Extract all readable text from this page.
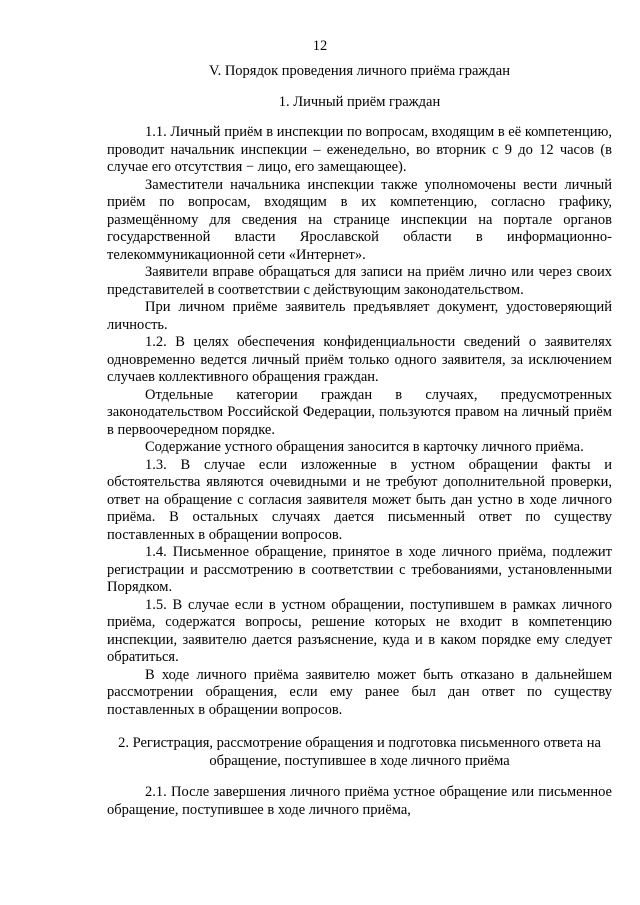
12
V. Порядок проведения личного приёма граждан
1. Личный приём граждан

1.1. Личный приём в инспекции по вопросам, входящим в её компетенцию, проводит начальник инспекции – еженедельно, во вторник с 9 до 12 часов (в случае его отсутствия − лицо, его замещающее).

Заместители начальника инспекции также уполномочены вести личный приём по вопросам, входящим в их компетенцию, согласно графику, размещённому для сведения на странице инспекции на портале органов государственной власти Ярославской области в информационно-телекоммуникационной сети «Интернет».

Заявители вправе обращаться для записи на приём лично или через своих представителей в соответствии с действующим законодательством.

При личном приёме заявитель предъявляет документ, удостоверяющий личность.

1.2. В целях обеспечения конфиденциальности сведений о заявителях одновременно ведется личный приём только одного заявителя, за исключением случаев коллективного обращения граждан.

Отдельные категории граждан в случаях, предусмотренных законодательством Российской Федерации, пользуются правом на личный приём в первоочередном порядке.

Содержание устного обращения заносится в карточку личного приёма.

1.3. В случае если изложенные в устном обращении факты и обстоятельства являются очевидными и не требуют дополнительной проверки, ответ на обращение с согласия заявителя может быть дан устно в ходе личного приёма. В остальных случаях дается письменный ответ по существу поставленных в обращении вопросов.

1.4. Письменное обращение, принятое в ходе личного приёма, подлежит регистрации и рассмотрению в соответствии с требованиями, установленными Порядком.

1.5. В случае если в устном обращении, поступившем в рамках личного приёма, содержатся вопросы, решение которых не входит в компетенцию инспекции, заявителю дается разъяснение, куда и в каком порядке ему следует обратиться.

В ходе личного приёма заявителю может быть отказано в дальнейшем рассмотрении обращения, если ему ранее был дан ответ по существу поставленных в обращении вопросов.

2. Регистрация, рассмотрение обращения и подготовка письменного ответа на обращение, поступившее в ходе личного приёма

2.1. После завершения личного приёма устное обращение или письменное обращение, поступившее в ходе личного приёма,
